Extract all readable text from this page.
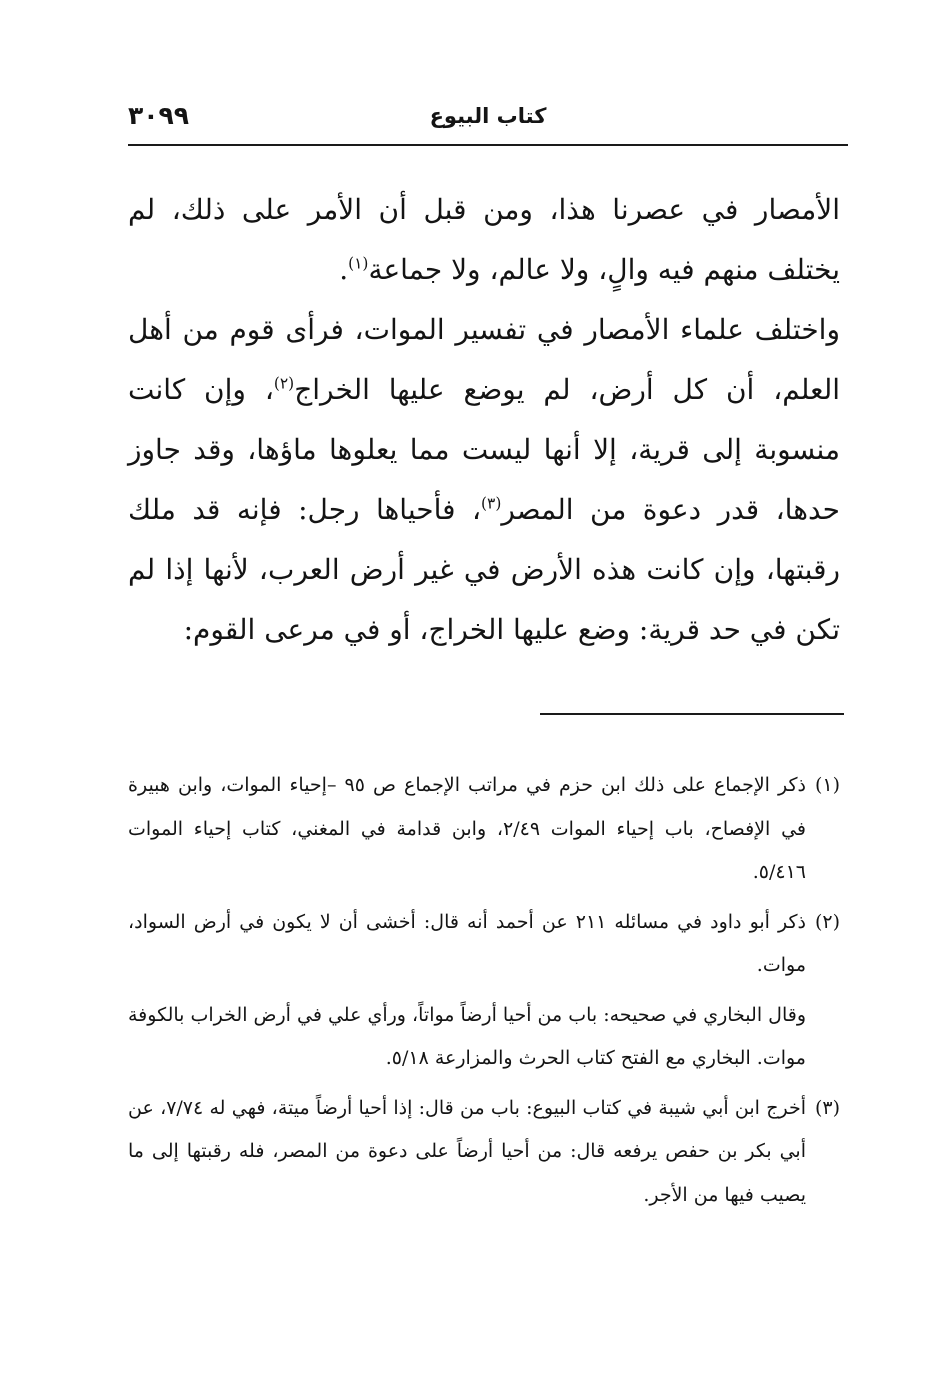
٣٠٩٩	كتاب البيوع

الأمصار في عصرنا هذا، ومن قبل أن الأمر على ذلك، لم يختلف منهم فيه والٍ، ولا عالم، ولا جماعة$^{(١)}$.

واختلف علماء الأمصار في تفسير الموات، فرأى قوم من أهل العلم، أن كل أرض، لم يوضع عليها الخراج$^{(٢)}$، وإن كانت منسوبة إلى قرية، إلا أنها ليست مما يعلوها ماؤها، وقد جاوز حدها، قدر دعوة من المصر$^{(٣)}$، فأحياها رجل: فإنه قد ملك رقبتها، وإن كانت هذه الأرض في غير أرض العرب، لأنها إذا لم تكن في حد قرية: وضع عليها الخراج، أو في مرعى القوم:

(١)
ذكر الإجماع على ذلك ابن حزم في مراتب الإجماع ص ٩٥ –إحياء الموات، وابن هبيرة في الإفصاح، باب إحياء الموات ٢/٤٩، وابن قدامة في المغني، كتاب إحياء الموات ٥/٤١٦.
(٢)
ذكر أبو داود في مسائله ٢١١ عن أحمد أنه قال: أخشى أن لا يكون في أرض السواد، موات.
وقال البخاري في صحيحه: باب من أحيا أرضاً مواتاً، ورأي علي في أرض الخراب بالكوفة موات. البخاري مع الفتح كتاب الحرث والمزارعة ٥/١٨.
(٣)
أخرج ابن أبي شيبة في كتاب البيوع: باب من قال: إذا أحيا أرضاً ميتة، فهي له ٧/٧٤، عن أبي بكر بن حفص يرفعه قال: من أحيا أرضاً على دعوة من المصر، فله رقبتها إلى ما يصيب فيها من الأجر.
